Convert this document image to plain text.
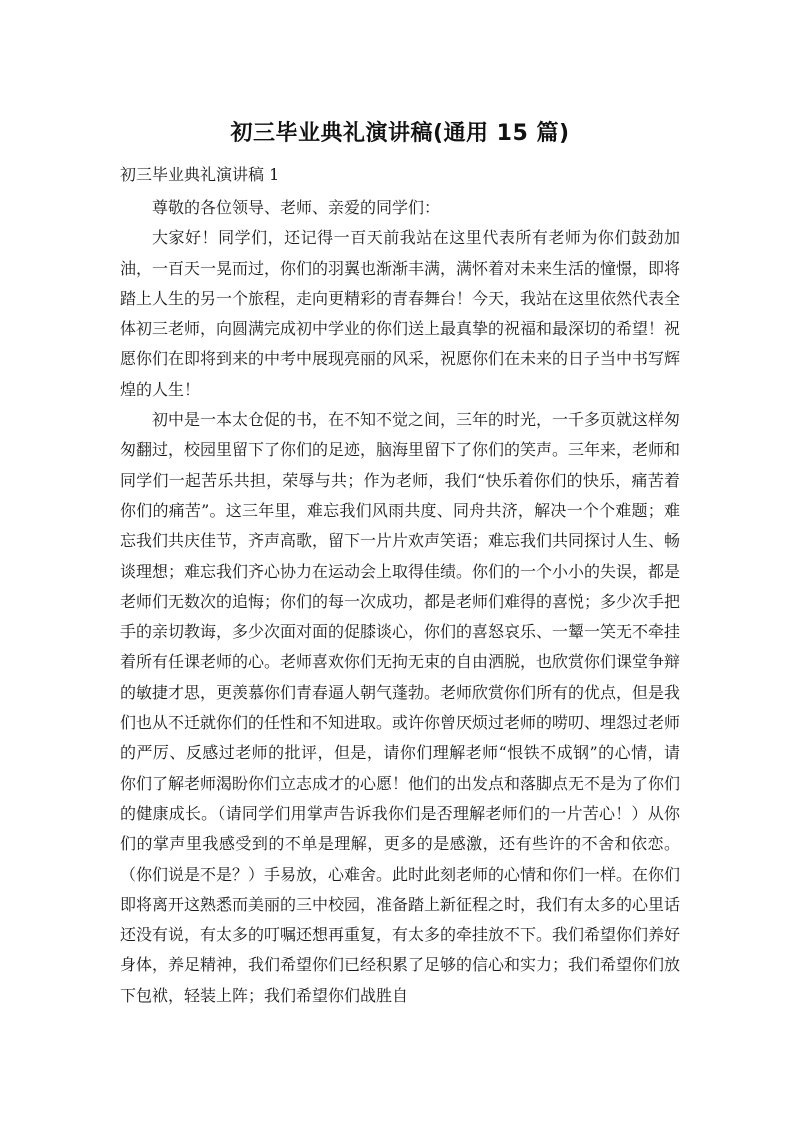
初三毕业典礼演讲稿(通用 15 篇)
初三毕业典礼演讲稿 1

尊敬的各位领导、老师、亲爱的同学们：

大家好！同学们，还记得一百天前我站在这里代表所有老师为你们鼓劲加油，一百天一晃而过，你们的羽翼也渐渐丰满，满怀着对未来生活的憧憬，即将踏上人生的另一个旅程，走向更精彩的青春舞台！今天，我站在这里依然代表全体初三老师，向圆满完成初中学业的你们送上最真挚的祝福和最深切的希望！祝愿你们在即将到来的中考中展现亮丽的风采，祝愿你们在未来的日子当中书写辉煌的人生！

初中是一本太仓促的书，在不知不觉之间，三年的时光，一千多页就这样匆匆翻过，校园里留下了你们的足迹，脑海里留下了你们的笑声。三年来，老师和同学们一起苦乐共担，荣辱与共；作为老师，我们“快乐着你们的快乐，痛苦着你们的痛苦”。这三年里，难忘我们风雨共度、同舟共济，解决一个个难题；难忘我们共庆佳节，齐声高歌，留下一片片欢声笑语；难忘我们共同探讨人生、畅谈理想；难忘我们齐心协力在运动会上取得佳绩。你们的一个小小的失误，都是老师们无数次的追悔；你们的每一次成功，都是老师们难得的喜悦；多少次手把手的亲切教诲，多少次面对面的促膝谈心，你们的喜怒哀乐、一颦一笑无不牵挂着所有任课老师的心。老师喜欢你们无拘无束的自由洒脱，也欣赏你们课堂争辩的敏捷才思，更羡慕你们青春逼人朝气蓬勃。老师欣赏你们所有的优点，但是我们也从不迁就你们的任性和不知进取。或许你曾厌烦过老师的唠叨、埋怨过老师的严厉、反感过老师的批评，但是，请你们理解老师“恨铁不成钢”的心情，请你们了解老师渴盼你们立志成才的心愿！他们的出发点和落脚点无不是为了你们的健康成长。（请同学们用掌声告诉我你们是否理解老师们的一片苦心！）从你们的掌声里我感受到的不单是理解，更多的是感激，还有些许的不舍和依恋。（你们说是不是？）手易放，心难舍。此时此刻老师的心情和你们一样。在你们即将离开这熟悉而美丽的三中校园，准备踏上新征程之时，我们有太多的心里话还没有说，有太多的叮嘱还想再重复，有太多的牵挂放不下。我们希望你们养好身体，养足精神，我们希望你们已经积累了足够的信心和实力；我们希望你们放下包袱，轻装上阵；我们希望你们战胜自
